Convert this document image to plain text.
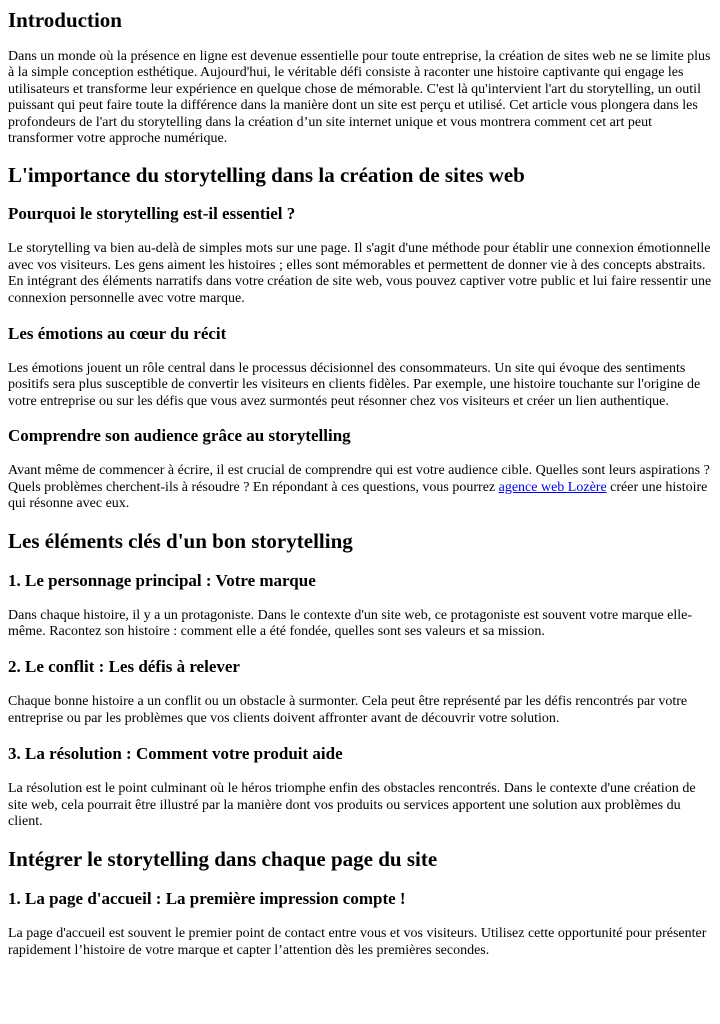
Introduction

Dans un monde où la présence en ligne est devenue essentielle pour toute entreprise, la création de sites web ne se limite plus à la simple conception esthétique. Aujourd'hui, le véritable défi consiste à raconter une histoire captivante qui engage les utilisateurs et transforme leur expérience en quelque chose de mémorable. C'est là qu'intervient l'art du storytelling, un outil puissant qui peut faire toute la différence dans la manière dont un site est perçu et utilisé. Cet article vous plongera dans les profondeurs de l'art du storytelling dans la création d’un site internet unique et vous montrera comment cet art peut transformer votre approche numérique.

L'importance du storytelling dans la création de sites web
Pourquoi le storytelling est-il essentiel ?

Le storytelling va bien au-delà de simples mots sur une page. Il s'agit d'une méthode pour établir une connexion émotionnelle avec vos visiteurs. Les gens aiment les histoires ; elles sont mémorables et permettent de donner vie à des concepts abstraits. En intégrant des éléments narratifs dans votre création de site web, vous pouvez captiver votre public et lui faire ressentir une connexion personnelle avec votre marque.

Les émotions au cœur du récit

Les émotions jouent un rôle central dans le processus décisionnel des consommateurs. Un site qui évoque des sentiments positifs sera plus susceptible de convertir les visiteurs en clients fidèles. Par exemple, une histoire touchante sur l'origine de votre entreprise ou sur les défis que vous avez surmontés peut résonner chez vos visiteurs et créer un lien authentique.

Comprendre son audience grâce au storytelling

Avant même de commencer à écrire, il est crucial de comprendre qui est votre audience cible. Quelles sont leurs aspirations ? Quels problèmes cherchent-ils à résoudre ? En répondant à ces questions, vous pourrez agence web Lozère créer une histoire qui résonne avec eux.

Les éléments clés d'un bon storytelling
1. Le personnage principal : Votre marque

Dans chaque histoire, il y a un protagoniste. Dans le contexte d'un site web, ce protagoniste est souvent votre marque elle-même. Racontez son histoire : comment elle a été fondée, quelles sont ses valeurs et sa mission.

2. Le conflit : Les défis à relever

Chaque bonne histoire a un conflit ou un obstacle à surmonter. Cela peut être représenté par les défis rencontrés par votre entreprise ou par les problèmes que vos clients doivent affronter avant de découvrir votre solution.

3. La résolution : Comment votre produit aide

La résolution est le point culminant où le héros triomphe enfin des obstacles rencontrés. Dans le contexte d'une création de site web, cela pourrait être illustré par la manière dont vos produits ou services apportent une solution aux problèmes du client.

Intégrer le storytelling dans chaque page du site
1. La page d'accueil : La première impression compte !

La page d'accueil est souvent le premier point de contact entre vous et vos visiteurs. Utilisez cette opportunité pour présenter rapidement l’histoire de votre marque et capter l’attention dès les premières secondes.
